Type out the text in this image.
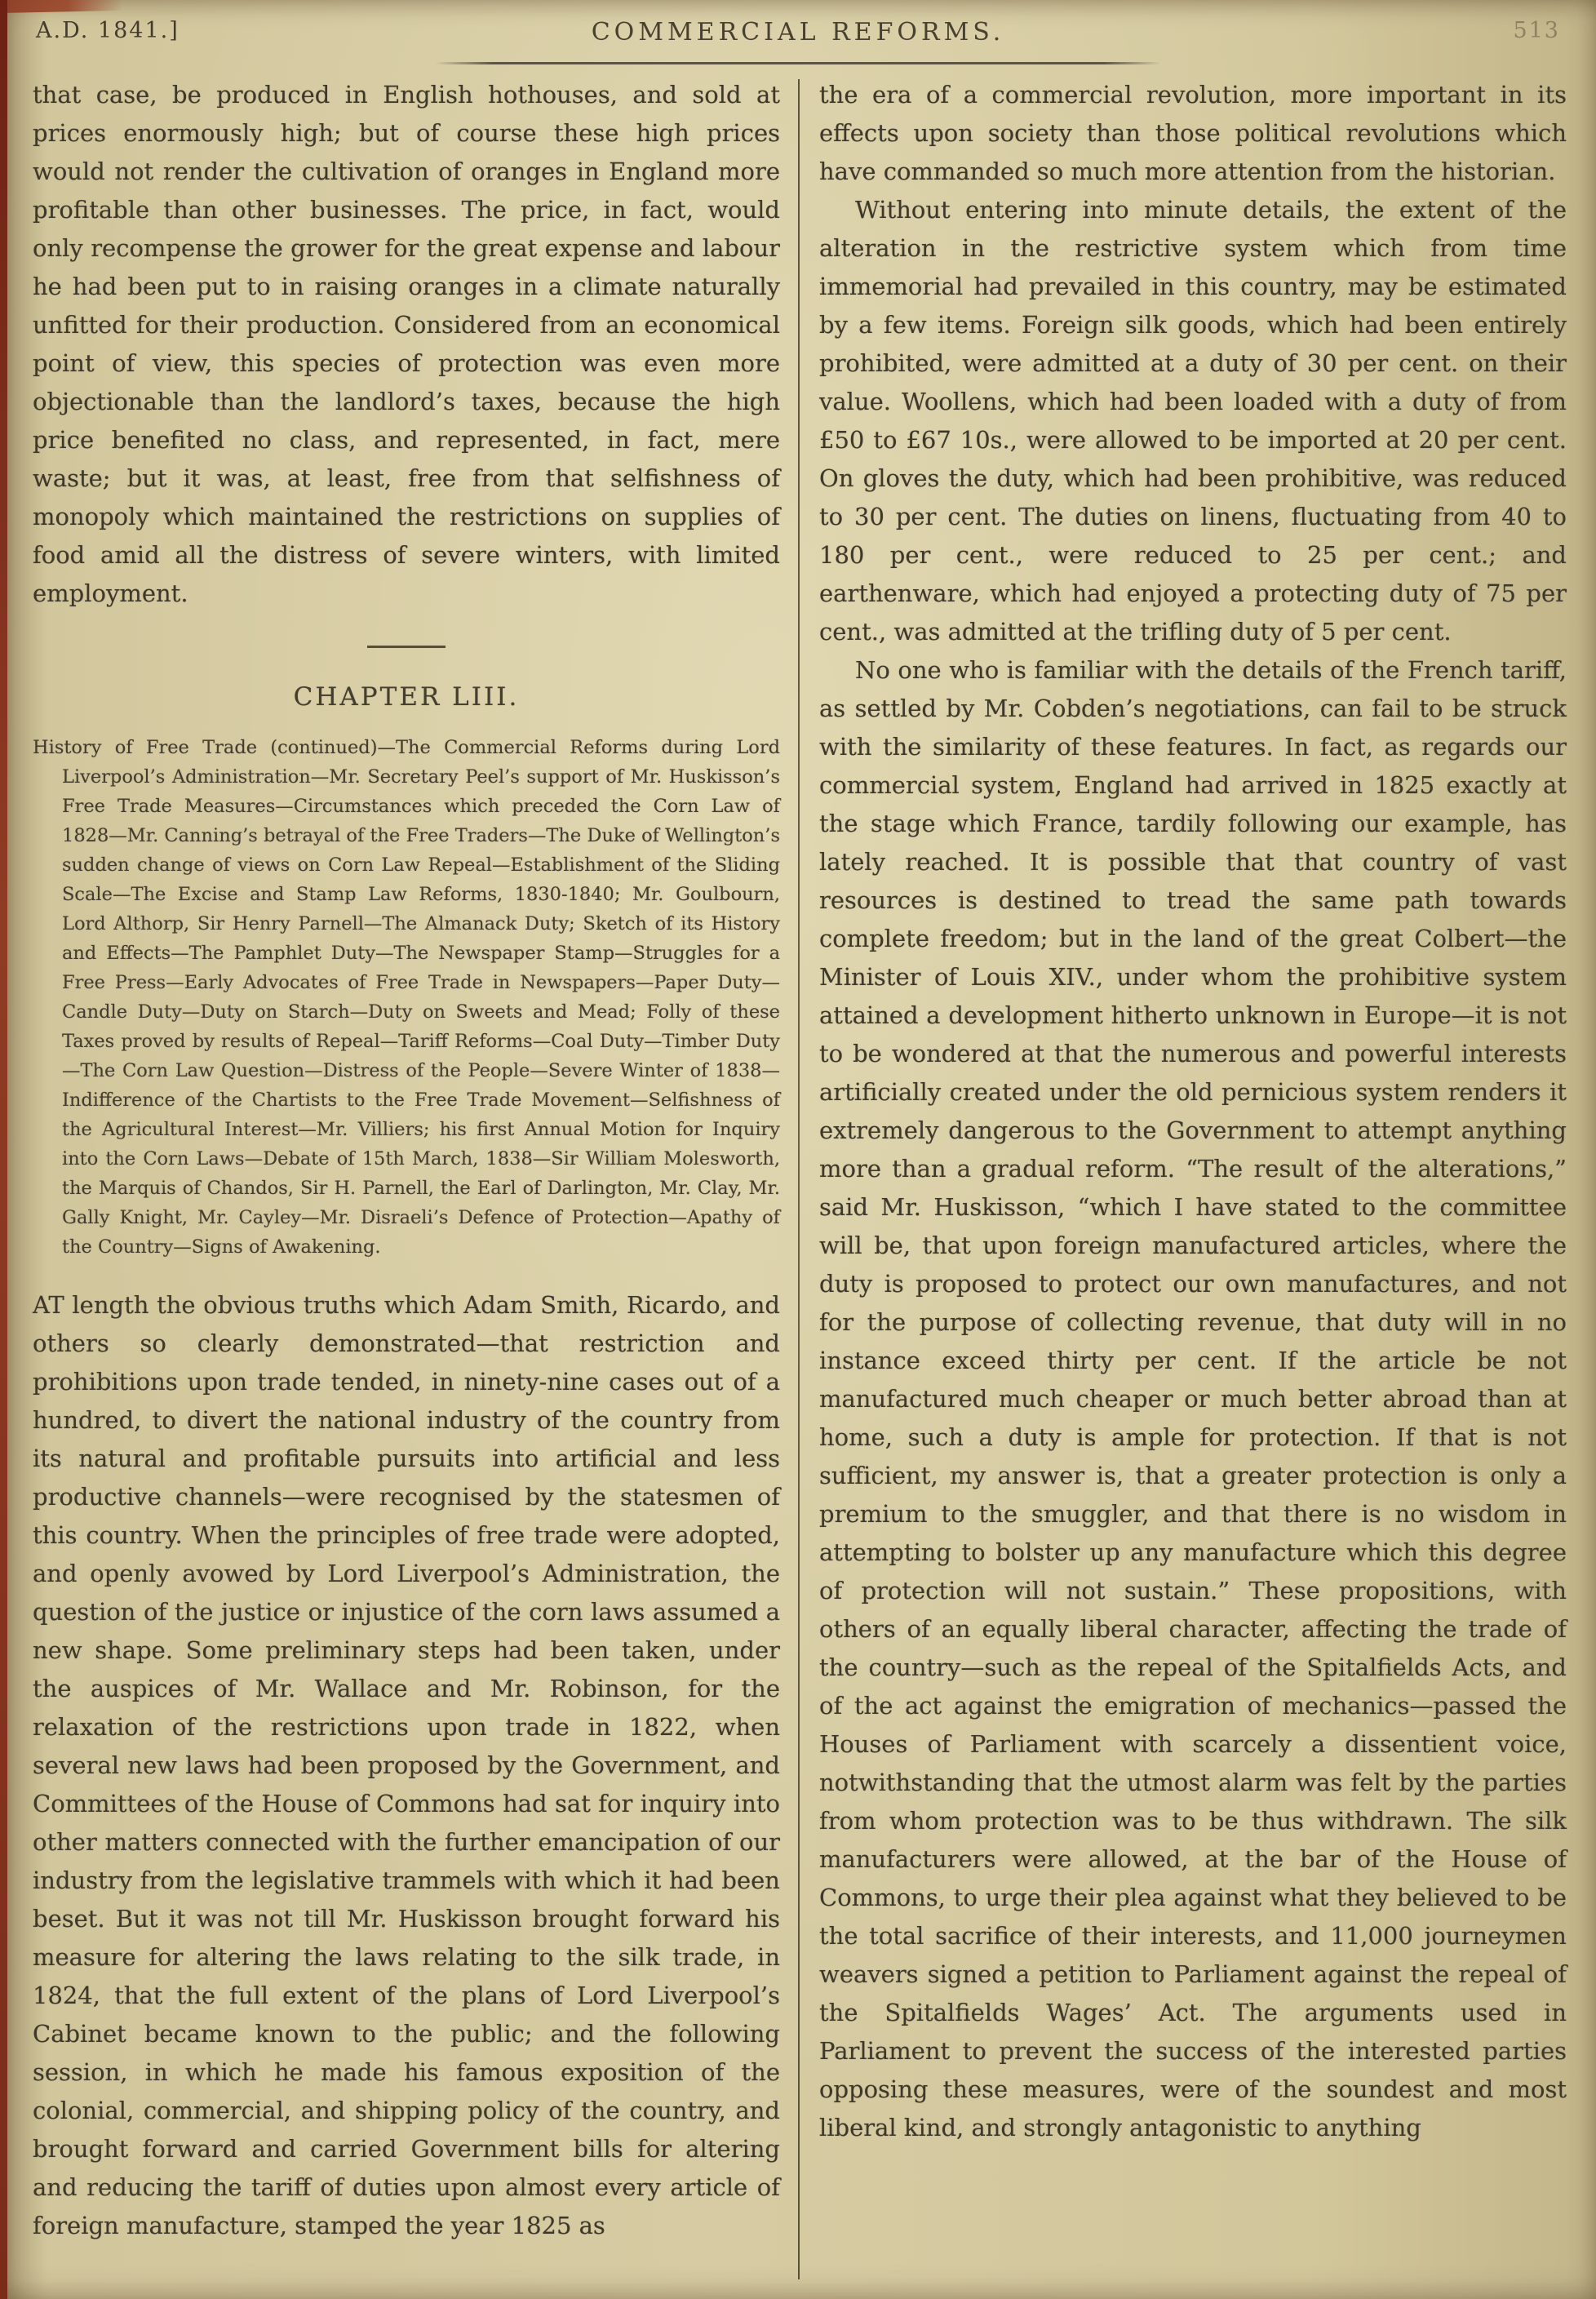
A.D. 1841.]	COMMERCIAL REFORMS.	513

that case, be produced in English hothouses, and sold at prices enormously high; but of course these high prices would not render the cultivation of oranges in England more profitable than other businesses. The price, in fact, would only recompense the grower for the great expense and labour he had been put to in raising oranges in a climate naturally unfitted for their production. Considered from an economical point of view, this species of protection was even more objectionable than the landlord’s taxes, because the high price benefited no class, and represented, in fact, mere waste; but it was, at least, free from that selfishness of monopoly which maintained the restrictions on supplies of food amid all the distress of severe winters, with limited employment.

CHAPTER LIII.

History of Free Trade (continued)—The Commercial Reforms during Lord Liverpool’s Administration—Mr. Secretary Peel’s support of Mr. Huskisson’s Free Trade Measures—Circumstances which preceded the Corn Law of 1828—Mr. Canning’s betrayal of the Free Traders—The Duke of Wellington’s sudden change of views on Corn Law Repeal—Establishment of the Sliding Scale—The Excise and Stamp Law Reforms, 1830-1840; Mr. Goulbourn, Lord Althorp, Sir Henry Parnell—The Almanack Duty; Sketch of its History and Effects—The Pamphlet Duty—The Newspaper Stamp—Struggles for a Free Press—Early Advocates of Free Trade in Newspapers—Paper Duty—Candle Duty—Duty on Starch—Duty on Sweets and Mead; Folly of these Taxes proved by results of Repeal—Tariff Reforms—Coal Duty—Timber Duty—The Corn Law Question—Distress of the People—Severe Winter of 1838—Indifference of the Chartists to the Free Trade Movement—Selfishness of the Agricultural Interest—Mr. Villiers; his first Annual Motion for Inquiry into the Corn Laws—Debate of 15th March, 1838—Sir William Molesworth, the Marquis of Chandos, Sir H. Parnell, the Earl of Darlington, Mr. Clay, Mr. Gally Knight, Mr. Cayley—Mr. Disraeli’s Defence of Protection—Apathy of the Country—Signs of Awakening.

AT length the obvious truths which Adam Smith, Ricardo, and others so clearly demonstrated—that restriction and prohibitions upon trade tended, in ninety-nine cases out of a hundred, to divert the national industry of the country from its natural and profitable pursuits into artificial and less productive channels—were recognised by the statesmen of this country. When the principles of free trade were adopted, and openly avowed by Lord Liverpool’s Administration, the question of the justice or injustice of the corn laws assumed a new shape. Some preliminary steps had been taken, under the auspices of Mr. Wallace and Mr. Robinson, for the relaxation of the restrictions upon trade in 1822, when several new laws had been proposed by the Government, and Committees of the House of Commons had sat for inquiry into other matters connected with the further emancipation of our industry from the legislative trammels with which it had been beset. But it was not till Mr. Huskisson brought forward his measure for altering the laws relating to the silk trade, in 1824, that the full extent of the plans of Lord Liverpool’s Cabinet became known to the public; and the following session, in which he made his famous exposition of the colonial, commercial, and shipping policy of the country, and brought forward and carried Government bills for altering and reducing the tariff of duties upon almost every article of foreign manufacture, stamped the year 1825 as

the era of a commercial revolution, more important in its effects upon society than those political revolutions which have commanded so much more attention from the historian.

Without entering into minute details, the extent of the alteration in the restrictive system which from time immemorial had prevailed in this country, may be estimated by a few items. Foreign silk goods, which had been entirely prohibited, were admitted at a duty of 30 per cent. on their value. Woollens, which had been loaded with a duty of from £50 to £67 10s., were allowed to be imported at 20 per cent. On gloves the duty, which had been prohibitive, was reduced to 30 per cent. The duties on linens, fluctuating from 40 to 180 per cent., were reduced to 25 per cent.; and earthenware, which had enjoyed a protecting duty of 75 per cent., was admitted at the trifling duty of 5 per cent.

No one who is familiar with the details of the French tariff, as settled by Mr. Cobden’s negotiations, can fail to be struck with the similarity of these features. In fact, as regards our commercial system, England had arrived in 1825 exactly at the stage which France, tardily following our example, has lately reached. It is possible that that country of vast resources is destined to tread the same path towards complete freedom; but in the land of the great Colbert—the Minister of Louis XIV., under whom the prohibitive system attained a development hitherto unknown in Europe—it is not to be wondered at that the numerous and powerful interests artificially created under the old pernicious system renders it extremely dangerous to the Government to attempt anything more than a gradual reform. “The result of the alterations,” said Mr. Huskisson, “which I have stated to the committee will be, that upon foreign manufactured articles, where the duty is proposed to protect our own manufactures, and not for the purpose of collecting revenue, that duty will in no instance exceed thirty per cent. If the article be not manufactured much cheaper or much better abroad than at home, such a duty is ample for protection. If that is not sufficient, my answer is, that a greater protection is only a premium to the smuggler, and that there is no wisdom in attempting to bolster up any manufacture which this degree of protection will not sustain.” These propositions, with others of an equally liberal character, affecting the trade of the country—such as the repeal of the Spitalfields Acts, and of the act against the emigration of mechanics—passed the Houses of Parliament with scarcely a dissentient voice, notwithstanding that the utmost alarm was felt by the parties from whom protection was to be thus withdrawn. The silk manufacturers were allowed, at the bar of the House of Commons, to urge their plea against what they believed to be the total sacrifice of their interests, and 11,000 journeymen weavers signed a petition to Parliament against the repeal of the Spitalfields Wages’ Act. The arguments used in Parliament to prevent the success of the interested parties opposing these measures, were of the soundest and most liberal kind, and strongly antagonistic to anything
